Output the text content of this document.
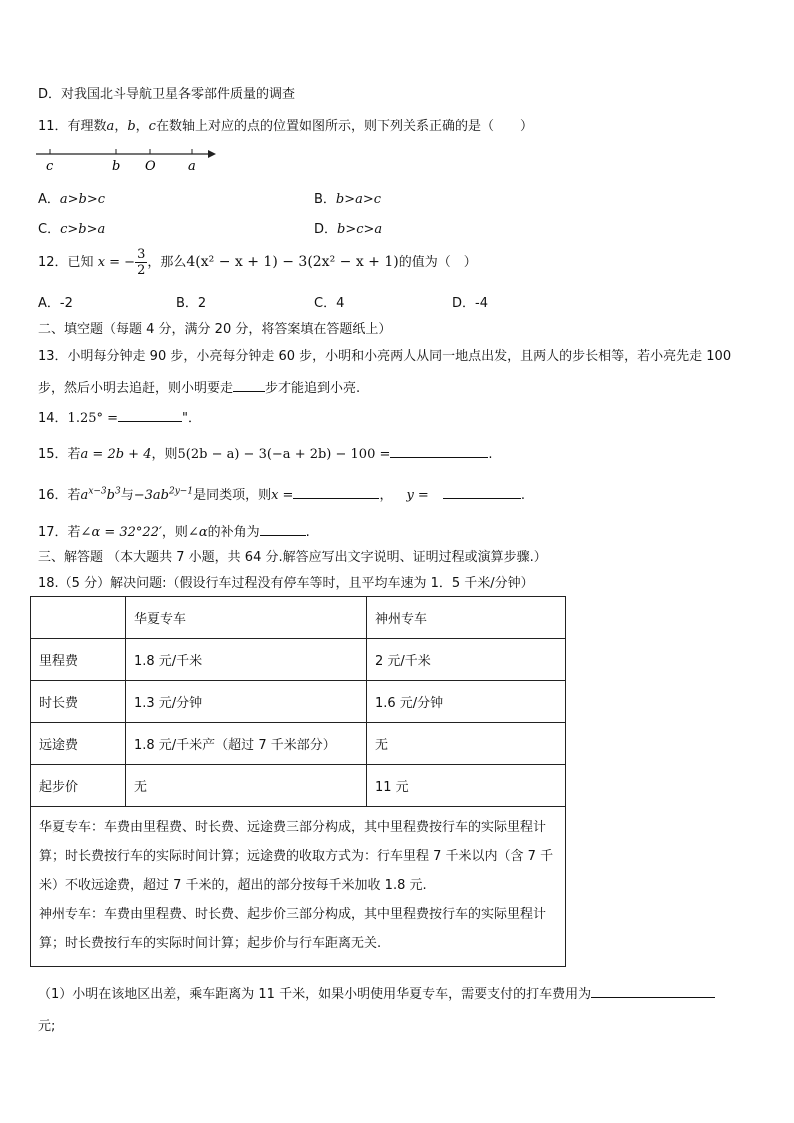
D．对我国北斗导航卫星各零部件质量的调查
11．有理数a，b，c在数轴上对应的点的位置如图所示，则下列关系正确的是（　　）
c	b O a
A．a>b>c	B．b>a>c
C．c>b>a	D．b>c>a
12．已知 x = − $\frac{3}{2}$ ，那么4(x² − x + 1) − 3(2x² − x + 1)的值为（　）
A．-2	B．2	C．4	D．-4
二、填空题（每题 4 分，满分 20 分，将答案填在答题纸上）
13．小明每分钟走 90 步，小亮每分钟走 60 步，小明和小亮两人从同一地点出发，且两人的步长相等，若小亮先走 100
步，然后小明去追赶，则小明要走 步才能追到小亮.
14．1.25° =	"．
15．若a = 2b + 4，则5(2b − a) − 3(−a + 2b) − 100 =	.
16．若$a^{x-3}b^3$与$-3ab^{2y-1}$是同类项，则x =	， y =	.
17．若∠α = 32°22′，则∠α的补角为	.
三、解答题 （本大题共 7 小题，共 64 分.解答应写出文字说明、证明过程或演算步骤.）
18.（5 分）解决问题:（假设行车过程没有停车等时，且平均车速为 1．5 千米/分钟）
	华夏专车	神州专车
里程费	1.8 元/千米	2 元/千米
时长费	1.3 元/分钟	1.6 元/分钟
远途费	1.8 元/千米产（超过 7 千米部分）	无
起步价	无	11 元

华夏专车：车费由里程费、时长费、远途费三部分构成，其中里程费按行车的实际里程计算；时长费按行车的实际时间计算；远途费的收取方式为：行车里程 7 千米以内（含 7 千米）不收远途费，超过 7 千米的，超出的部分按每千米加收 1.8 元.

神州专车：车费由里程费、时长费、起步价三部分构成，其中里程费按行车的实际里程计算；时长费按行车的实际时间计算；起步价与行车距离无关.		

（1）小明在该地区出差，乘车距离为 11 千米，如果小明使用华夏专车，需要支付的打车费用为
元;
